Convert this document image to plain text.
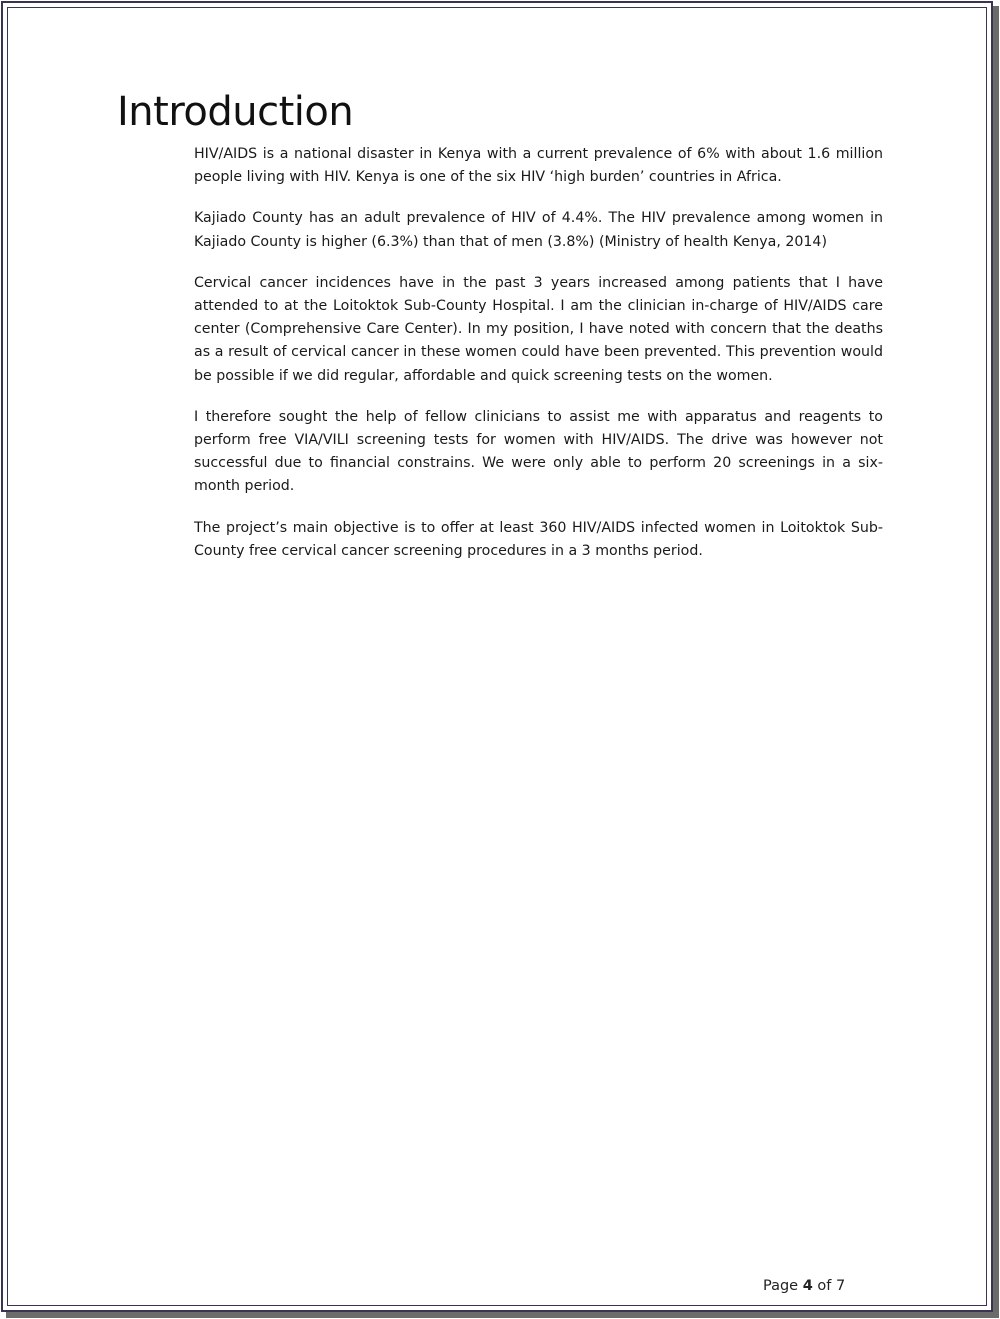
Introduction

HIV/AIDS is a national disaster in Kenya with a current prevalence of 6% with about 1.6 million people living with HIV. Kenya is one of the six HIV ‘high burden’ countries in Africa.

Kajiado County has an adult prevalence of HIV of 4.4%. The HIV prevalence among women in Kajiado County is higher (6.3%) than that of men (3.8%) (Ministry of health Kenya, 2014)

Cervical cancer incidences have in the past 3 years increased among patients that I have attended to at the Loitoktok Sub-County Hospital. I am the clinician in-charge of HIV/AIDS care center (Comprehensive Care Center). In my position, I have noted with concern that the deaths as a result of cervical cancer in these women could have been prevented. This prevention would be possible if we did regular, affordable and quick screening tests on the women.

I therefore sought the help of fellow clinicians to assist me with apparatus and reagents to perform free VIA/VILI screening tests for women with HIV/AIDS. The drive was however not successful due to financial constrains. We were only able to perform 20 screenings in a six-month period.

The project’s main objective is to offer at least 360 HIV/AIDS infected women in Loitoktok Sub-County free cervical cancer screening procedures in a 3 months period.

Page 4 of 7
